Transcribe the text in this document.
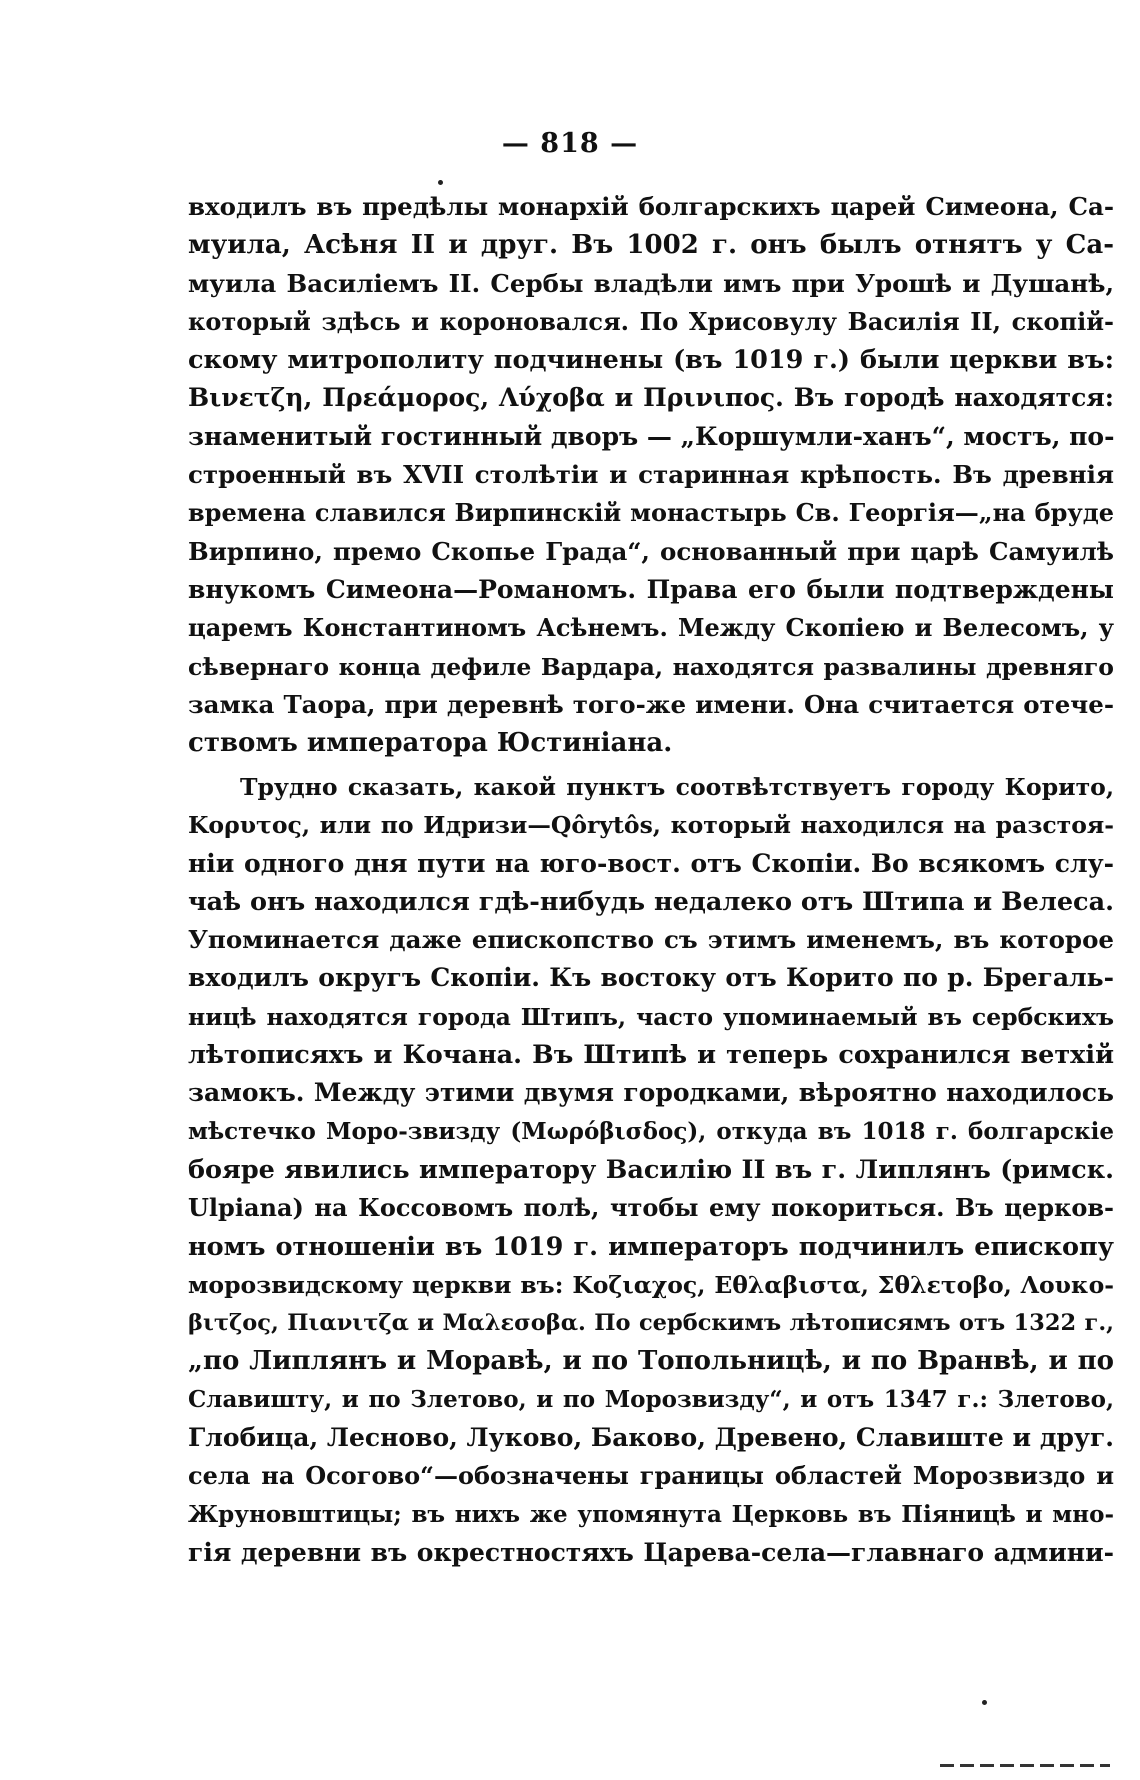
— 818 —
входилъ въ предѣлы монархій болгарскихъ царей Симеона, Са-
муила, Асѣня II и друг. Въ 1002 г. онъ былъ отнятъ у Са-
муила Василіемъ II. Сербы владѣли имъ при Урошѣ и Душанѣ,
который здѣсь и короновался. По Хрисовулу Василія II, скопій-
скому митрополиту подчинены (въ 1019 г.) были церкви въ:
Βινετζη, Πρεάμορος, Λύχοβα и Πρινιπος. Въ городѣ находятся:
знаменитый гостинный дворъ — „Коршумли-ханъ“, мостъ, по-
строенный въ XVII столѣтіи и старинная крѣпость. Въ древнія
времена славился Вирпинскій монастырь Св. Георгія—„на бруде
Вирпино, премо Скопье Града“, основанный при царѣ Самуилѣ
внукомъ Симеона—Романомъ. Права его были подтверждены
царемъ Константиномъ Асѣнемъ. Между Скопіею и Велесомъ, у
сѣвернаго конца дефиле Вардара, находятся развалины древняго
замка Таора, при деревнѣ того-же имени. Она считается отече-
ствомъ императора Юстиніана.
Трудно сказать, какой пунктъ соотвѣтствуетъ городу Корито,
Κορυτος, или по Идризи—Qôrytôs, который находился на разстоя-
ніи одного дня пути на юго-вост. отъ Скопіи. Во всякомъ слу-
чаѣ онъ находился гдѣ-нибудь недалеко отъ Штипа и Велеса.
Упоминается даже епископство съ этимъ именемъ, въ которое
входилъ округъ Скопіи. Къ востоку отъ Корито по р. Брегаль-
ницѣ находятся города Штипъ, часто упоминаемый въ сербскихъ
лѣтописяхъ и Кочана. Въ Штипѣ и теперь сохранился ветхій
замокъ. Между этими двумя городками, вѣроятно находилось
мѣстечко Моро-звизду (Μωρόβισδος), откуда въ 1018 г. болгарскіе
бояре явились императору Василію II въ г. Липлянъ (римск.
Ulpiana) на Коссовомъ полѣ, чтобы ему покориться. Въ церков-
номъ отношеніи въ 1019 г. императоръ подчинилъ епископу
морозвидскому церкви въ: Κοζιαχος, Εθλαβιστα, Σθλετοβο, Λουκο-
βιτζος, Πιανιτζα и Μαλεσοβα. По сербскимъ лѣтописямъ отъ 1322 г.,
„по Липлянъ и Моравѣ, и по Топольницѣ, и по Вранвѣ, и по
Славишту, и по Злетово, и по Морозвизду“, и отъ 1347 г.: Злетово,
Глобица, Лесново, Луково, Баково, Древено, Славиште и друг.
села на Осогово“—обозначены границы областей Морозвиздо и
Жруновштицы; въ нихъ же упомянута Церковь въ Піяницѣ и мно-
гія деревни въ окрестностяхъ Царева-села—главнаго админи-
